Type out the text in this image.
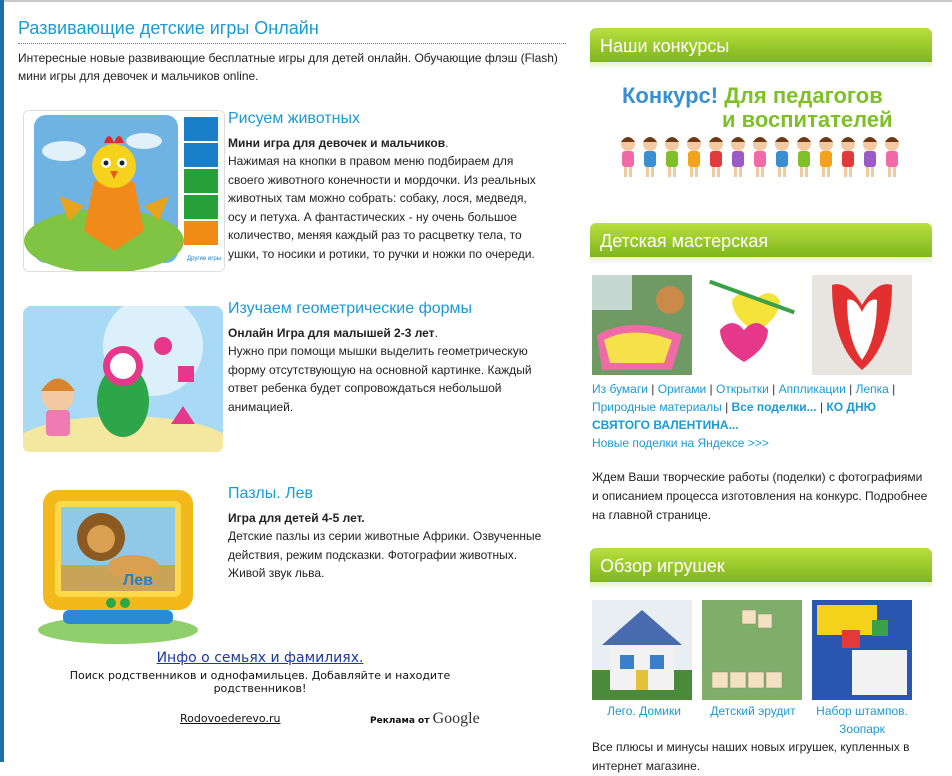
Развивающие детские игры Онлайн
Интересные новые развивающие бесплатные игры для детей онлайн. Обучающие флэш (Flash) мини игры для девочек и мальчиков online.
Другие игры
Рисуем животных
Мини игра для девочек и мальчиков.
Нажимая на кнопки в правом меню подбираем для своего животного конечности и мордочки. Из реальных животных там можно собрать: собаку, лося, медведя, осу и петуха. А фантастических - ну очень большое количество, меняя каждый раз то расцветку тела, то ушки, то носики и ротики, то ручки и ножки по очереди.
Изучаем геометрические формы
Онлайн Игра для малышей 2-3 лет.
Нужно при помощи мышки выделить геометрическую форму отсутствующую на основной картинке. Каждый ответ ребенка будет сопровождаться небольшой анимацией.
Лев
Пазлы. Лев
Игра для детей 4-5 лет.
Детские пазлы из серии животные Африки. Озвученные действия, режим подсказки. Фотографии животных. Живой звук льва.
Инфо о семьях и фамилиях.
Поиск родственников и однофамильцев. Добавляйте и находите родственников!
Rodovoederevo.ru	Реклама от Google
Наши конкурсы
Конкурс! Для педагогов
и воспитателей
Детская мастерская
Из бумаги | Оригами | Открытки | Аппликации | Лепка |
Природные материалы | Все поделки... | КО ДНЮ СВЯТОГО ВАЛЕНТИНА...
Новые поделки на Яндексе >>>
Ждем Ваши творческие работы (поделки) с фотографиями и описанием процесса изготовления на конкурс. Подробнее на главной странице.
Обзор игрушек
Лего. Домики	Детский эрудит	Набор штампов. Зоопарк
Все плюсы и минусы наших новых игрушек, купленных в интернет магазине.
